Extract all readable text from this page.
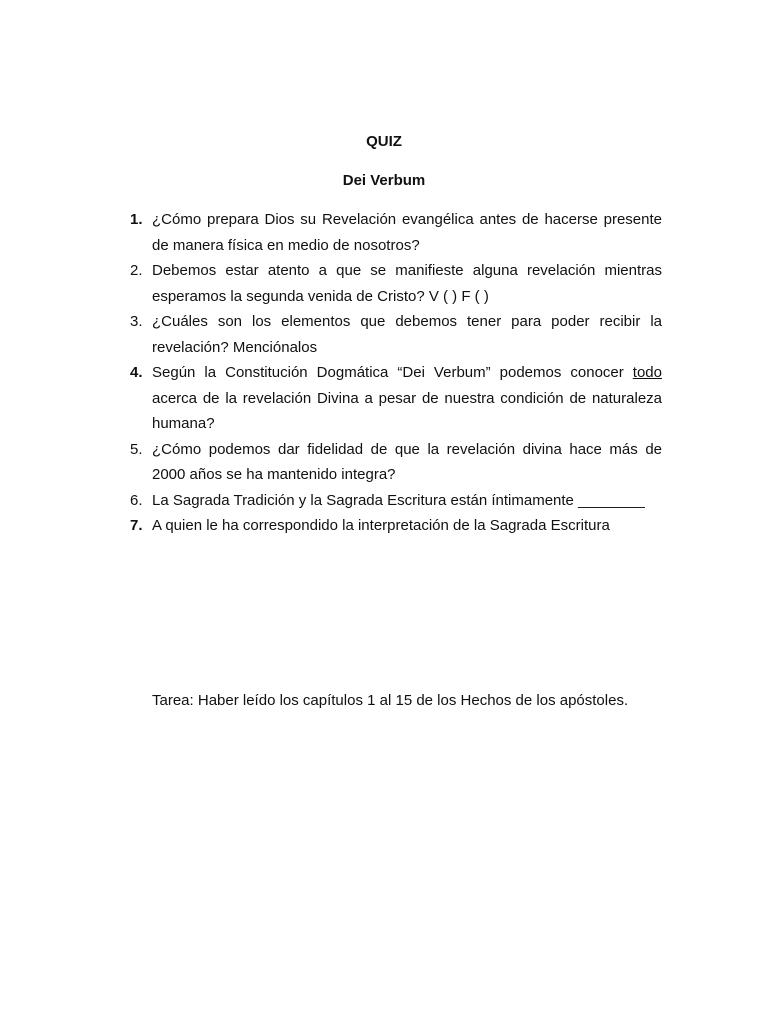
QUIZ
Dei Verbum
1. ¿Cómo prepara Dios su Revelación evangélica antes de hacerse presente de manera física en medio de nosotros?
2. Debemos estar atento a que se manifieste alguna revelación mientras esperamos la segunda venida de Cristo? V ( ) F ( )
3. ¿Cuáles son los elementos que debemos tener para poder recibir la revelación? Menciónalos
4. Según la Constitución Dogmática “Dei Verbum” podemos conocer todo acerca de la revelación Divina a pesar de nuestra condición de naturaleza humana?
5. ¿Cómo podemos dar fidelidad de que la revelación divina hace más de 2000 años se ha mantenido integra?
6. La Sagrada Tradición y la Sagrada Escritura están íntimamente ________
7. A quien le ha correspondido la interpretación de la Sagrada Escritura
Tarea: Haber leído los capítulos 1 al 15 de los Hechos de los apóstoles.
